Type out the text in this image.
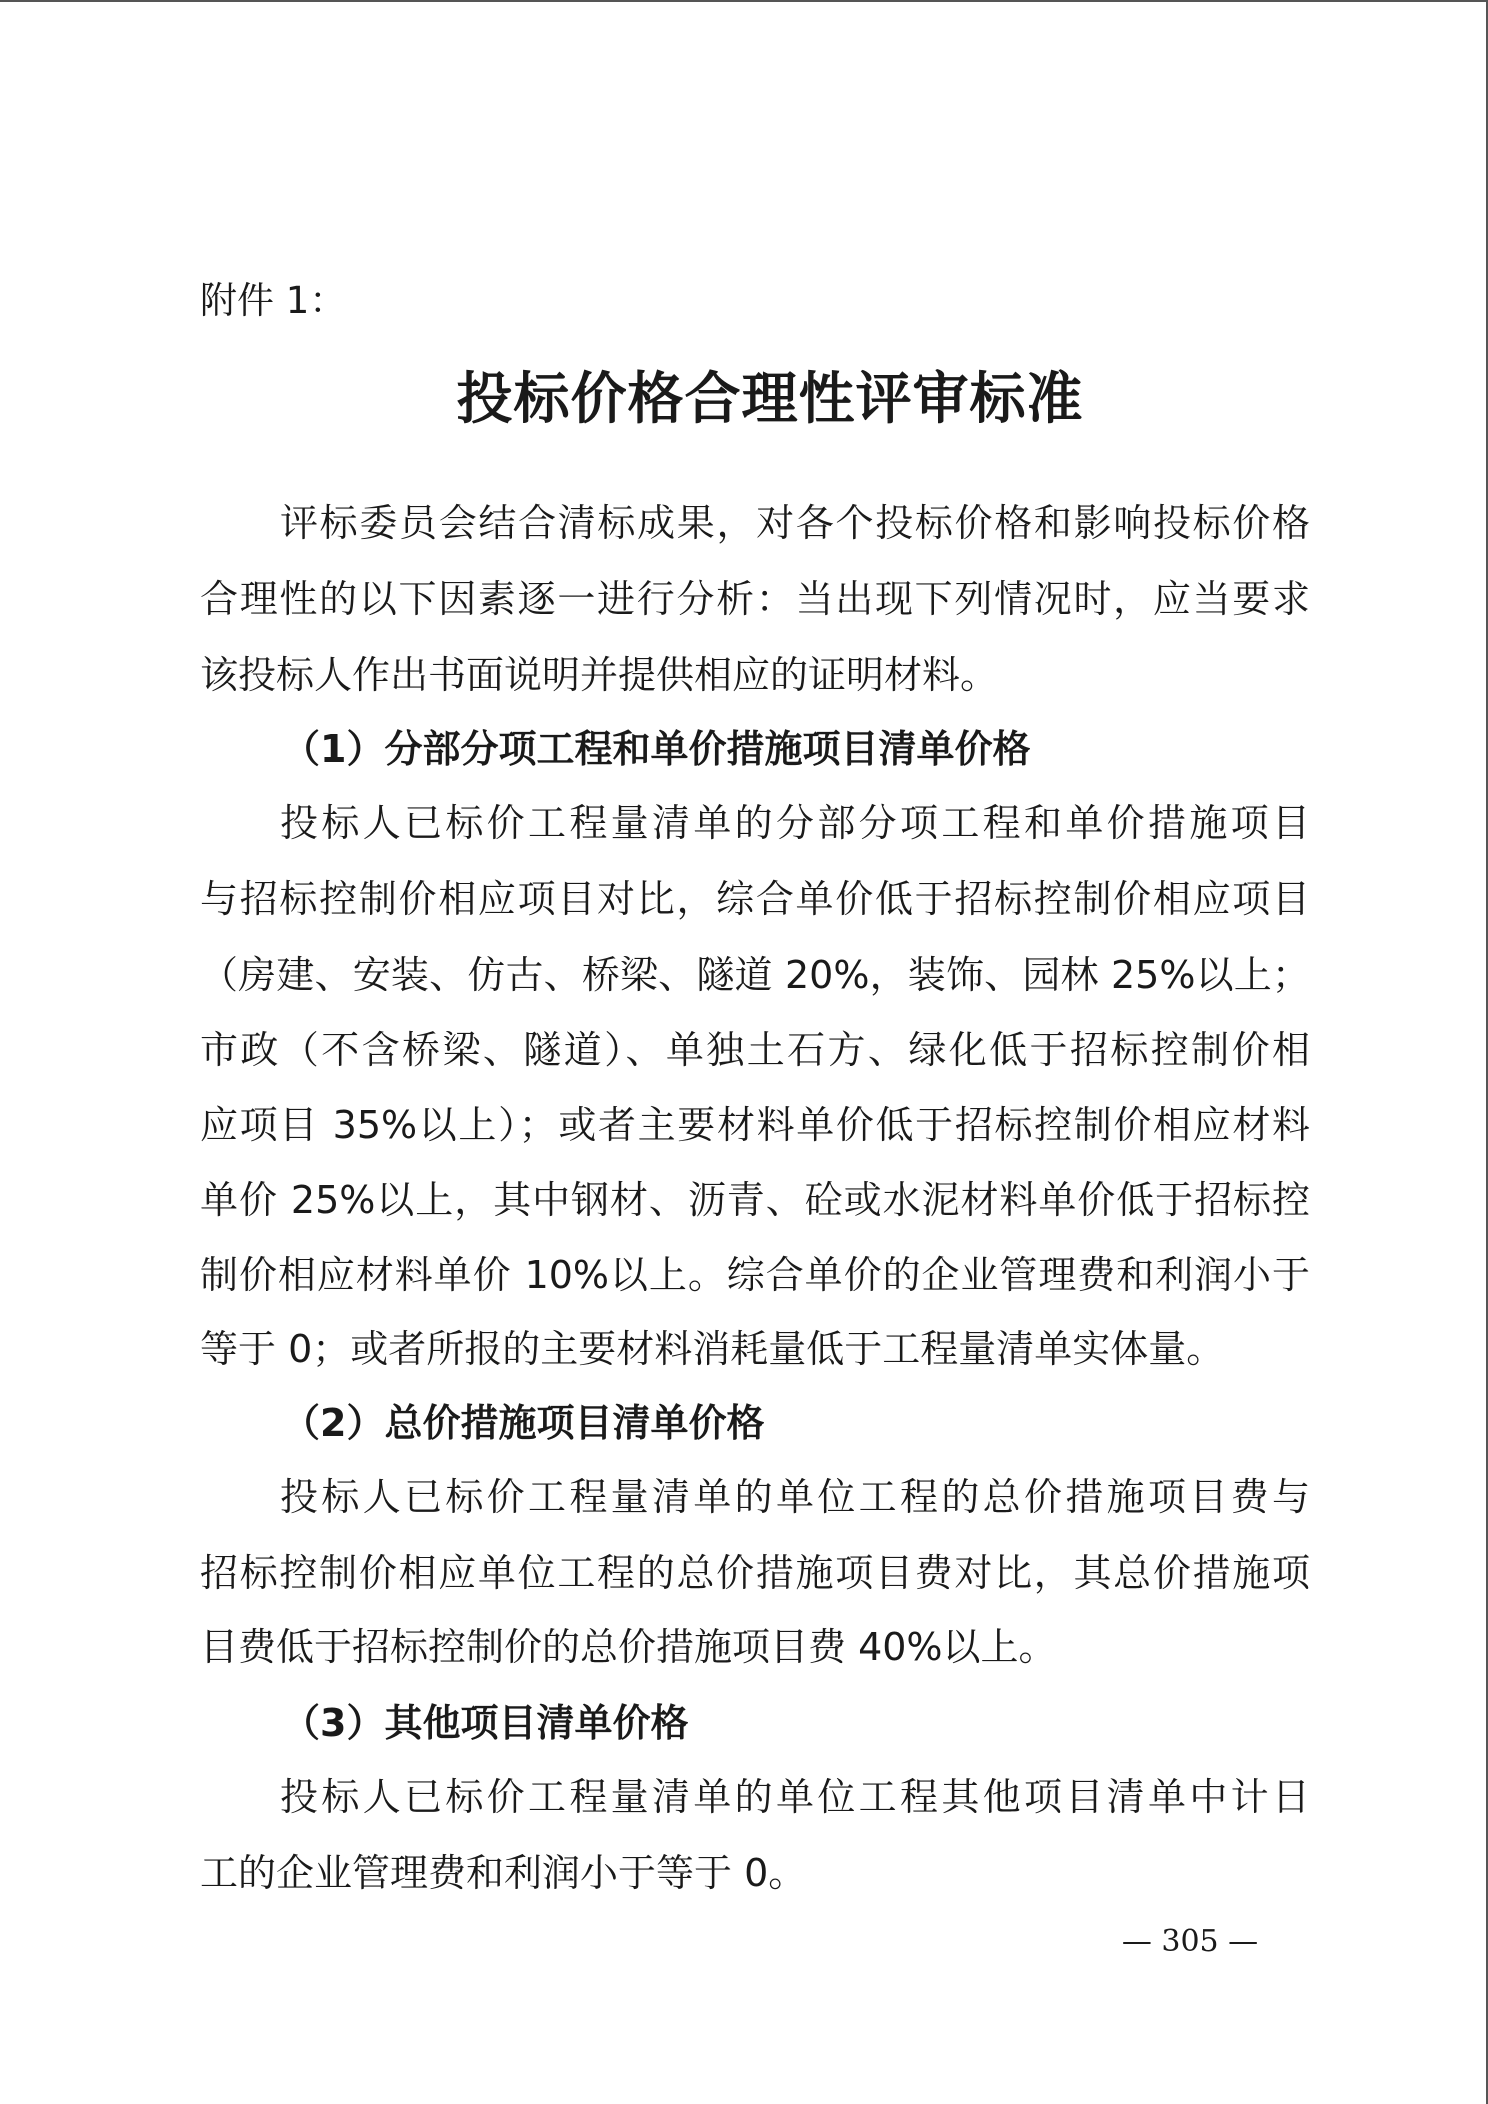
附件 1：
投标价格合理性评审标准
评标委员会结合清标成果，对各个投标价格和影响投标价格
合理性的以下因素逐一进行分析：当出现下列情况时，应当要求
该投标人作出书面说明并提供相应的证明材料。
（1）分部分项工程和单价措施项目清单价格
投标人已标价工程量清单的分部分项工程和单价措施项目
与招标控制价相应项目对比，综合单价低于招标控制价相应项目
（房建、安装、仿古、桥梁、隧道 20%，装饰、园林 25%以上；
市政（不含桥梁、隧道）、单独土石方、绿化低于招标控制价相
应项目 35%以上）；或者主要材料单价低于招标控制价相应材料
单价 25%以上，其中钢材、沥青、砼或水泥材料单价低于招标控
制价相应材料单价 10%以上。综合单价的企业管理费和利润小于
等于 0；或者所报的主要材料消耗量低于工程量清单实体量。
（2）总价措施项目清单价格
投标人已标价工程量清单的单位工程的总价措施项目费与
招标控制价相应单位工程的总价措施项目费对比，其总价措施项
目费低于招标控制价的总价措施项目费 40%以上。
（3）其他项目清单价格
投标人已标价工程量清单的单位工程其他项目清单中计日
工的企业管理费和利润小于等于 0。
— 305 —
